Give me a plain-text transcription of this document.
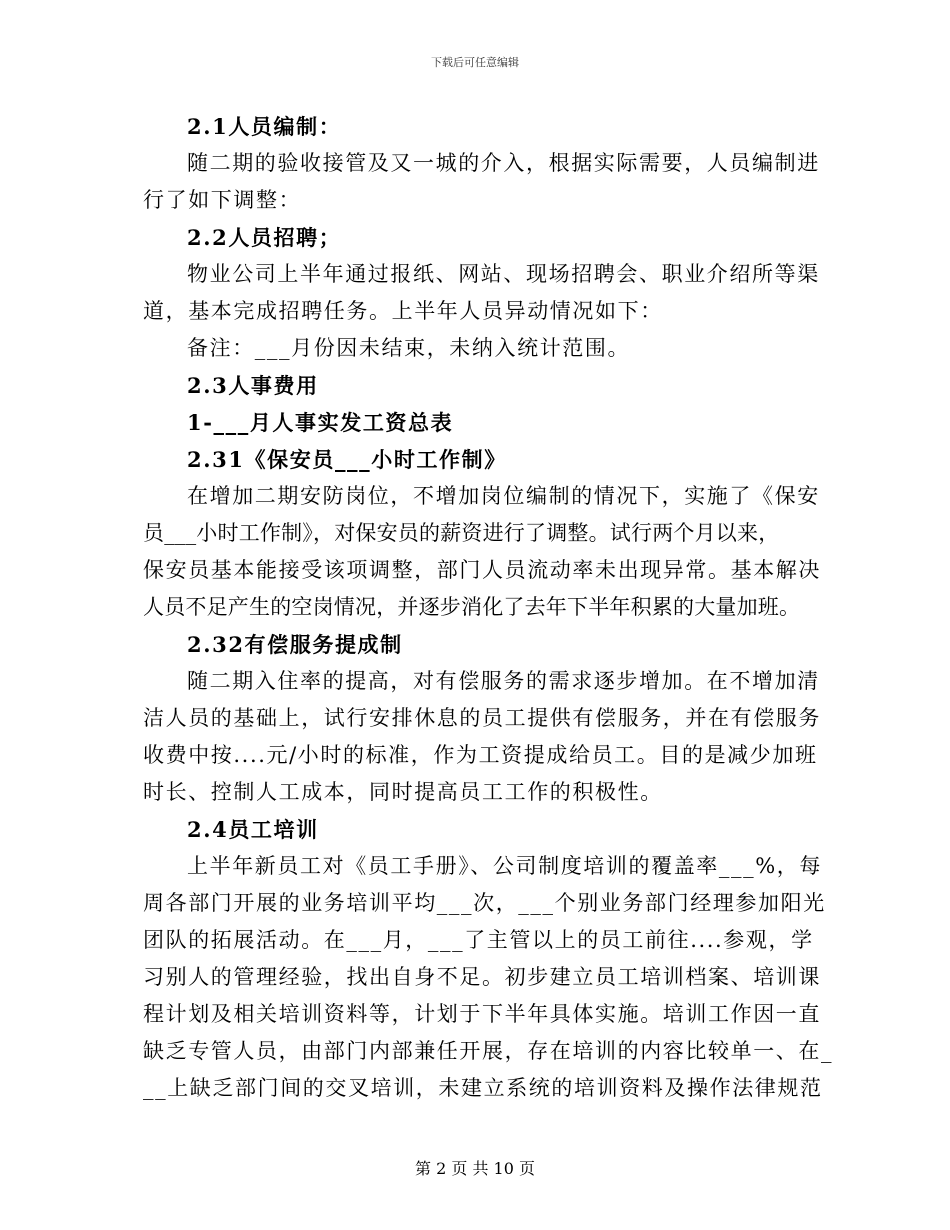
下载后可任意编辑
2.1人员编制：
随二期的验收接管及又一城的介入，根据实际需要，人员编制进
行了如下调整：
2.2人员招聘；
物业公司上半年通过报纸、网站、现场招聘会、职业介绍所等渠
道，基本完成招聘任务。上半年人员异动情况如下：
备注：___月份因未结束，未纳入统计范围。
2.3人事费用
1-___月人事实发工资总表
2.31《保安员___小时工作制》
在增加二期安防岗位，不增加岗位编制的情况下，实施了《保安
员___小时工作制》，对保安员的薪资进行了调整。试行两个月以来，
保安员基本能接受该项调整，部门人员流动率未出现异常。基本解决
人员不足产生的空岗情况，并逐步消化了去年下半年积累的大量加班。
2.32有偿服务提成制
随二期入住率的提高，对有偿服务的需求逐步增加。在不增加清
洁人员的基础上，试行安排休息的员工提供有偿服务，并在有偿服务
收费中按....元/小时的标准，作为工资提成给员工。目的是减少加班
时长、控制人工成本，同时提高员工工作的积极性。
2.4员工培训
上半年新员工对《员工手册》、公司制度培训的覆盖率___%，每
周各部门开展的业务培训平均___次，___个别业务部门经理参加阳光
团队的拓展活动。在___月，___了主管以上的员工前往....参观，学
习别人的管理经验，找出自身不足。初步建立员工培训档案、培训课
程计划及相关培训资料等，计划于下半年具体实施。培训工作因一直
缺乏专管人员，由部门内部兼任开展，存在培训的内容比较单一、在_
__上缺乏部门间的交叉培训，未建立系统的培训资料及操作法律规范
第 2 页 共 10 页
